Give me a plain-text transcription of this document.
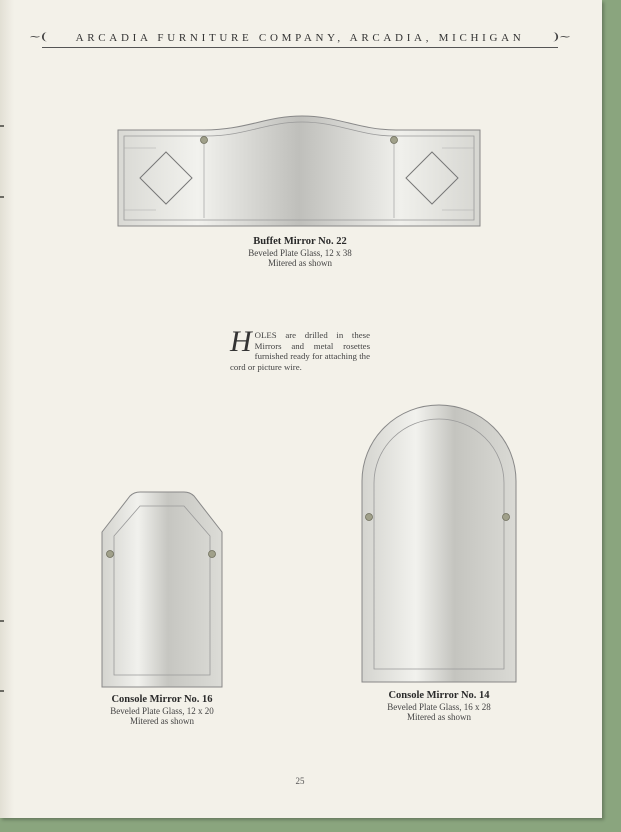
⁓❨	ARCADIA FURNITURE COMPANY, ARCADIA, MICHIGAN	❩⁓
Buffet Mirror No. 22
Beveled Plate Glass, 12 x 38
Mitered as shown
HOLES are drilled in these Mirrors and metal rosettes furnished ready for attaching the cord or picture wire.
Console Mirror No. 16
Beveled Plate Glass, 12 x 20
Mitered as shown
Console Mirror No. 14
Beveled Plate Glass, 16 x 28
Mitered as shown
25
